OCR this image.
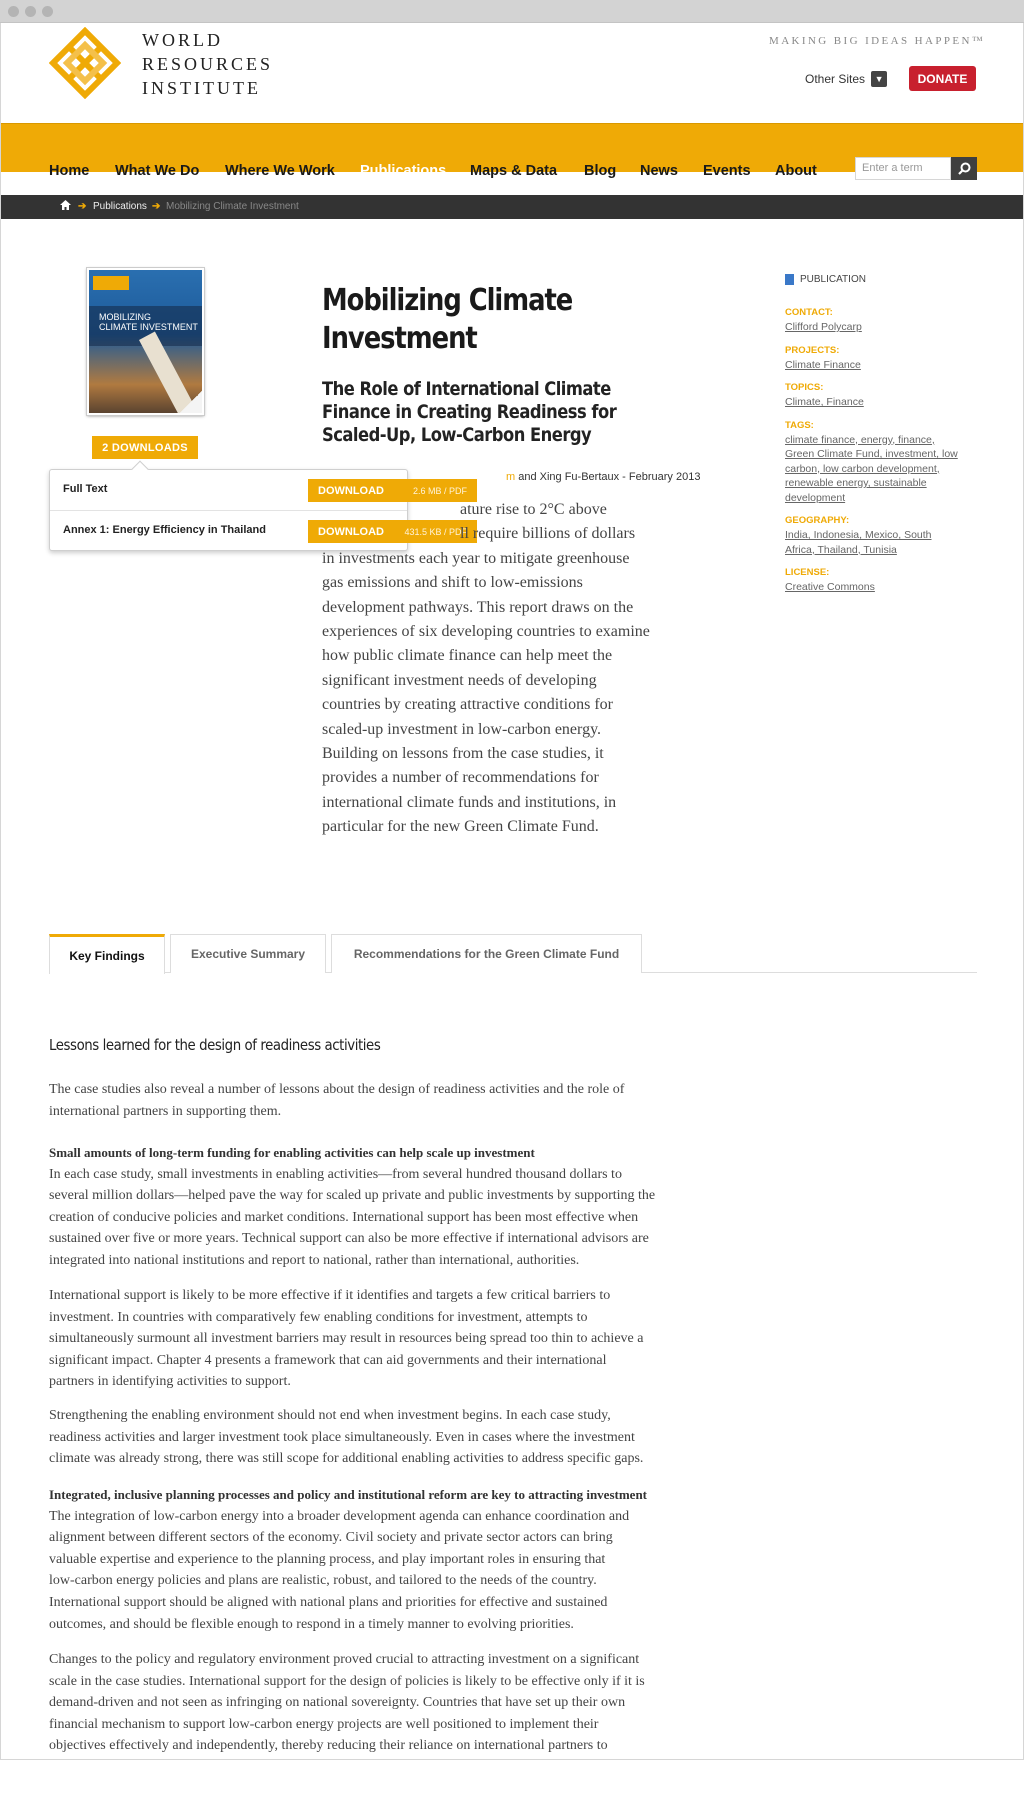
WORLD
RESOURCES
INSTITUTE
MAKING BIG IDEAS HAPPEN™
Other Sites	▼	DONATE
Home What We Do Where We Work Publications Maps & Data Blog News Events About	Enter a term
➔ Publications ➔ Mobilizing Climate Investment
MOBILIZING
CLIMATE INVESTMENT
2 DOWNLOADS
Full Text	DOWNLOAD	2.6 MB / PDF
Annex 1: Energy Efficiency in Thailand	DOWNLOAD 431.5 KB / PDF
Mobilizing Climate
Investment
The Role of International Climate Finance in Creating Readiness for Scaled-Up, Low-Carbon Energy
m and Xing Fu-Bertaux - February 2013
ature rise to 2°C above
ll require billions of dollars
in investments each year to mitigate greenhouse
gas emissions and shift to low-emissions
development pathways. This report draws on the
experiences of six developing countries to examine
how public climate finance can help meet the
significant investment needs of developing
countries by creating attractive conditions for
scaled-up investment in low-carbon energy.
Building on lessons from the case studies, it
provides a number of recommendations for
international climate funds and institutions, in
particular for the new Green Climate Fund.
PUBLICATION
CONTACT:
Clifford Polycarp
PROJECTS:
Climate Finance
TOPICS:
Climate, Finance
TAGS:
climate finance, energy, finance,
Green Climate Fund, investment, low
carbon, low carbon development,
renewable energy, sustainable
development
GEOGRAPHY:
India, Indonesia, Mexico, South
Africa, Thailand, Tunisia
LICENSE:
Creative Commons
Key Findings	Executive Summary	Recommendations for the Green Climate Fund
Lessons learned for the design of readiness activities
The case studies also reveal a number of lessons about the design of readiness activities and the role of
international partners in supporting them.
Small amounts of long-term funding for enabling activities can help scale up investment
In each case study, small investments in enabling activities—from several hundred thousand dollars to
several million dollars—helped pave the way for scaled up private and public investments by supporting the
creation of conducive policies and market conditions. International support has been most effective when
sustained over five or more years. Technical support can also be more effective if international advisors are
integrated into national institutions and report to national, rather than international, authorities.
International support is likely to be more effective if it identifies and targets a few critical barriers to
investment. In countries with comparatively few enabling conditions for investment, attempts to
simultaneously surmount all investment barriers may result in resources being spread too thin to achieve a
significant impact. Chapter 4 presents a framework that can aid governments and their international
partners in identifying activities to support.
Strengthening the enabling environment should not end when investment begins. In each case study,
readiness activities and larger investment took place simultaneously. Even in cases where the investment
climate was already strong, there was still scope for additional enabling activities to address specific gaps.
Integrated, inclusive planning processes and policy and institutional reform are key to attracting investment
The integration of low-carbon energy into a broader development agenda can enhance coordination and
alignment between different sectors of the economy. Civil society and private sector actors can bring
valuable expertise and experience to the planning process, and play important roles in ensuring that
low-carbon energy policies and plans are realistic, robust, and tailored to the needs of the country.
International support should be aligned with national plans and priorities for effective and sustained
outcomes, and should be flexible enough to respond in a timely manner to evolving priorities.
Changes to the policy and regulatory environment proved crucial to attracting investment on a significant
scale in the case studies. International support for the design of policies is likely to be effective only if it is
demand-driven and not seen as infringing on national sovereignty. Countries that have set up their own
financial mechanism to support low-carbon energy projects are well positioned to implement their
objectives effectively and independently, thereby reducing their reliance on international partners to
